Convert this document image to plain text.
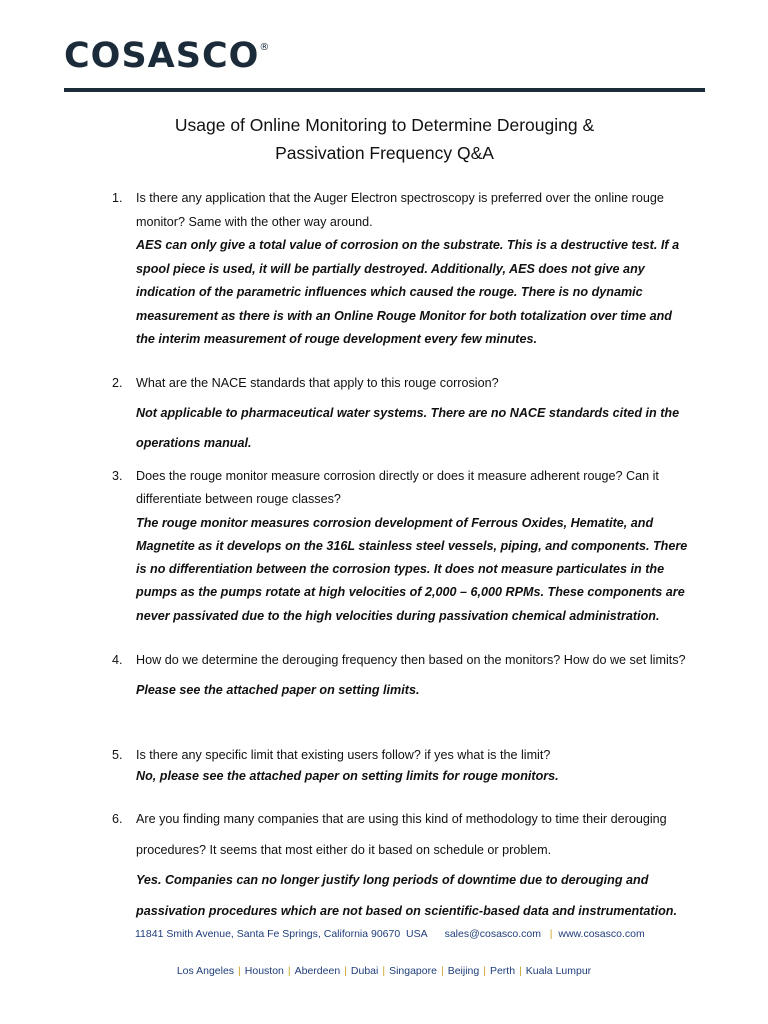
COSASCO®
Usage of Online Monitoring to Determine Derouging &
Passivation Frequency Q&A
1. Is there any application that the Auger Electron spectroscopy is preferred over the online rouge monitor? Same with the other way around.
AES can only give a total value of corrosion on the substrate. This is a destructive test. If a spool piece is used, it will be partially destroyed. Additionally, AES does not give any indication of the parametric influences which caused the rouge. There is no dynamic measurement as there is with an Online Rouge Monitor for both totalization over time and the interim measurement of rouge development every few minutes.
2. What are the NACE standards that apply to this rouge corrosion?
Not applicable to pharmaceutical water systems. There are no NACE standards cited in the operations manual.
3. Does the rouge monitor measure corrosion directly or does it measure adherent rouge? Can it differentiate between rouge classes?
The rouge monitor measures corrosion development of Ferrous Oxides, Hematite, and Magnetite as it develops on the 316L stainless steel vessels, piping, and components. There is no differentiation between the corrosion types. It does not measure particulates in the pumps as the pumps rotate at high velocities of 2,000 – 6,000 RPMs. These components are never passivated due to the high velocities during passivation chemical administration.
4. How do we determine the derouging frequency then based on the monitors? How do we set limits?
Please see the attached paper on setting limits.
5. Is there any specific limit that existing users follow? if yes what is the limit?
No, please see the attached paper on setting limits for rouge monitors.
6. Are you finding many companies that are using this kind of methodology to time their derouging procedures? It seems that most either do it based on schedule or problem.
Yes. Companies can no longer justify long periods of downtime due to derouging and passivation procedures which are not based on scientific-based data and instrumentation.
11841 Smith Avenue, Santa Fe Springs, California 90670  USA sales@cosasco.com | www.cosasco.com
Los Angeles | Houston | Aberdeen | Dubai | Singapore | Beijing | Perth | Kuala Lumpur
